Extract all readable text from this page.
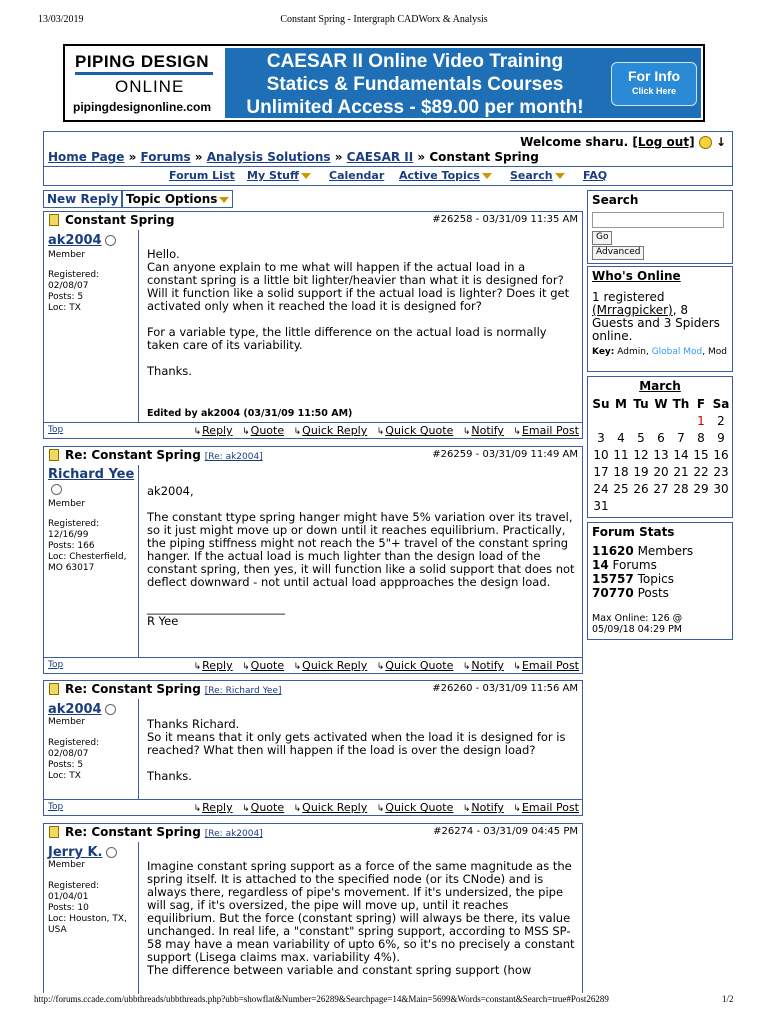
13/03/2019	Constant Spring - Intergraph CADWorx & Analysis
PIPING DESIGN
ONLINE
pipingdesignonline.com
CAESAR II Online Video Training
Statics & Fundamentals Courses
Unlimited Access - $89.00 per month!
For Info
Click Here
Welcome sharu. [Log out] ↓
Home Page » Forums » Analysis Solutions » CAESAR II » Constant Spring
Forum List My Stuff	Calendar Active Topics	Search	FAQ
New Reply Topic Options
Constant Spring	#26258 - 03/31/09 11:35 AM
ak2004
Member
Registered:
02/08/07
Posts: 5
Loc: TX
Hello.
Can anyone explain to me what will happen if the actual load in a constant spring is a little bit lighter/heavier than what it is designed for? Will it function like a solid support if the actual load is lighter? Does it get activated only when it reached the load it is designed for?

For a variable type, the little difference on the actual load is normally taken care of its variability.

Thanks.
Edited by ak2004 (03/31/09 11:50 AM)
Top	↳ Reply ↳ Quote ↳ Quick Reply ↳ Quick Quote ↳ Notify ↳ Email Post
Re: Constant Spring [Re: ak2004]	#26259 - 03/31/09 11:49 AM
Richard Yee
Member
Registered:
12/16/99
Posts: 166
Loc: Chesterfield,
MO 63017
ak2004,

The constant ttype spring hanger might have 5% variation over its travel, so it just might move up or down until it reaches equilibrium. Practically, the piping stiffness might not reach the 5"+ travel of the constant spring hanger. If the actual load is much lighter than the design load of the constant spring, then yes, it will function like a solid support that does not deflect downward - not until actual load appproaches the design load.

________________________
R Yee
Top	↳ Reply ↳ Quote ↳ Quick Reply ↳ Quick Quote ↳ Notify ↳ Email Post
Re: Constant Spring [Re: Richard Yee]	#26260 - 03/31/09 11:56 AM
ak2004
Member
Registered:
02/08/07
Posts: 5
Loc: TX
Thanks Richard.
So it means that it only gets activated when the load it is designed for is reached? What then will happen if the load is over the design load?

Thanks.
Top	↳ Reply ↳ Quote ↳ Quick Reply ↳ Quick Quote ↳ Notify ↳ Email Post
Re: Constant Spring [Re: ak2004]	#26274 - 03/31/09 04:45 PM
Jerry K.
Member
Registered:
01/04/01
Posts: 10
Loc: Houston, TX,
USA
Imagine constant spring support as a force of the same magnitude as the spring itself. It is attached to the specified node (or its CNode) and is always there, regardless of pipe's movement. If it's undersized, the pipe will sag, if it's oversized, the pipe will move up, until it reaches equilibrium. But the force (constant spring) will always be there, its value unchanged. In real life, a "constant" spring support, according to MSS SP-58 may have a mean variability of upto 6%, so it's no precisely a constant support (Lisega claims max. variability 4%).
The difference between variable and constant spring support (how
Search
Go
Advanced
Who's Online
1 registered
(Mrragpicker), 8 Guests and 3 Spiders online.
Key: Admin, Global Mod, Mod
March
Su	M	Tu	W	Th	F	Sa
					1	2
3	4	5	6	7	8	9
10	11	12	13	14	15	16
17	18	19	20	21	22	23
24	25	26	27	28	29	30
31						
Forum Stats
11620 Members
14 Forums
15757 Topics
70770 Posts
Max Online: 126 @
05/09/18 04:29 PM
http://forums.ccade.com/ubbthreads/ubbthreads.php?ubb=showflat&Number=26289&Searchpage=14&Main=5699&Words=constant&Search=true#Post26289	1/2
